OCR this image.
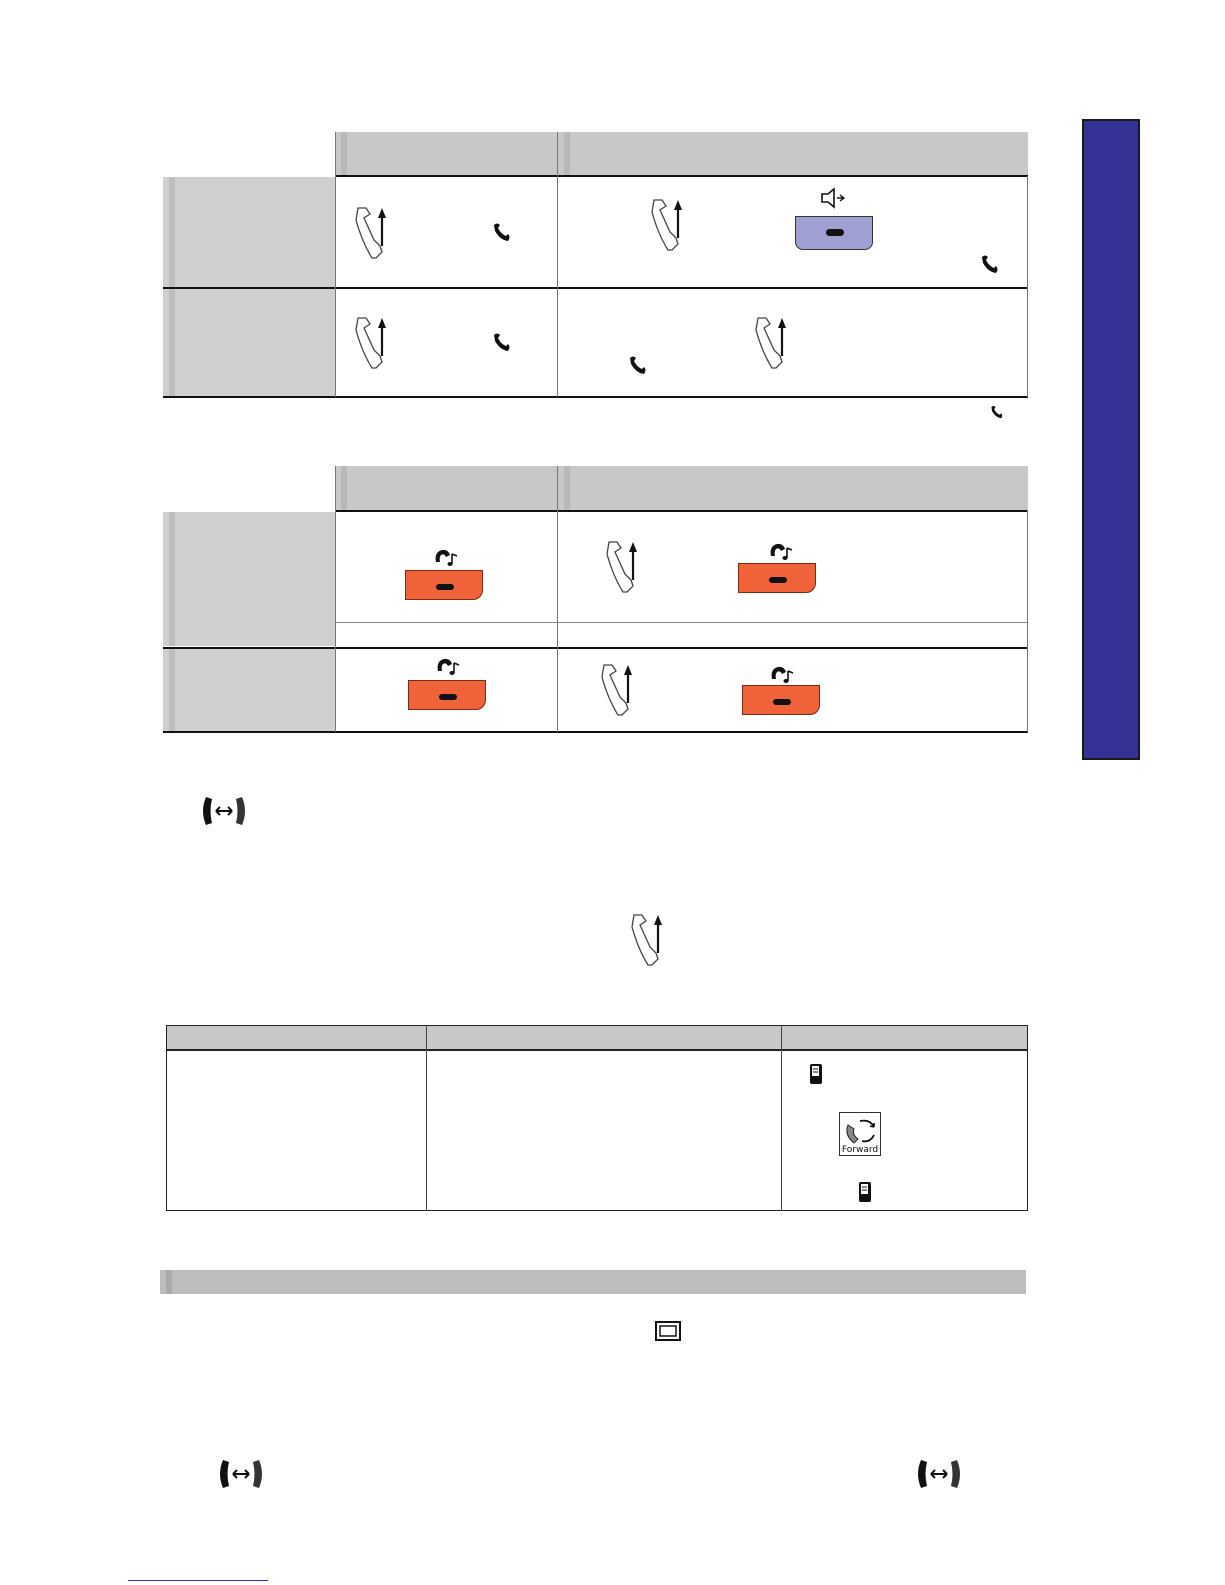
Forward
